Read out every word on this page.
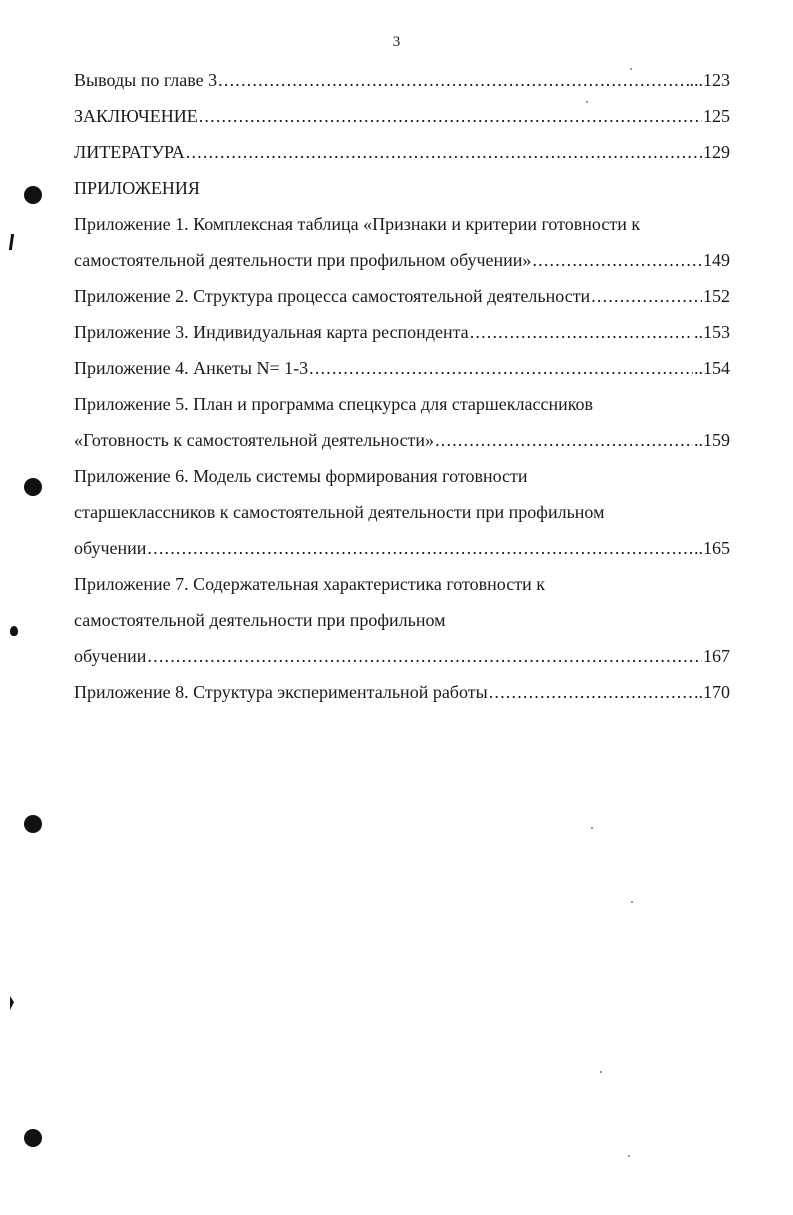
3
Выводы по главе 3 .....	...123
ЗАКЛЮЧЕНИЕ .....	125
ЛИТЕРАТУРА .....	129
ПРИЛОЖЕНИЯ
Приложение 1. Комплексная таблица «Признаки и критерии готовности к
самостоятельной деятельности при профильном обучении» .....	149
Приложение 2. Структура процесса самостоятельной деятельности .....	152
Приложение 3. Индивидуальная карта респондента .....	..153
Приложение 4. Анкеты N= 1-3 .....	..154
Приложение 5. План и программа спецкурса для старшеклассников
«Готовность к самостоятельной деятельности» .....	..159
Приложение 6. Модель системы формирования готовности
старшеклассников к самостоятельной деятельности при профильном
обучении .....	..165
Приложение 7. Содержательная характеристика готовности к
самостоятельной деятельности при профильном
обучении .....	167
Приложение 8. Структура экспериментальной работы .....	..170
